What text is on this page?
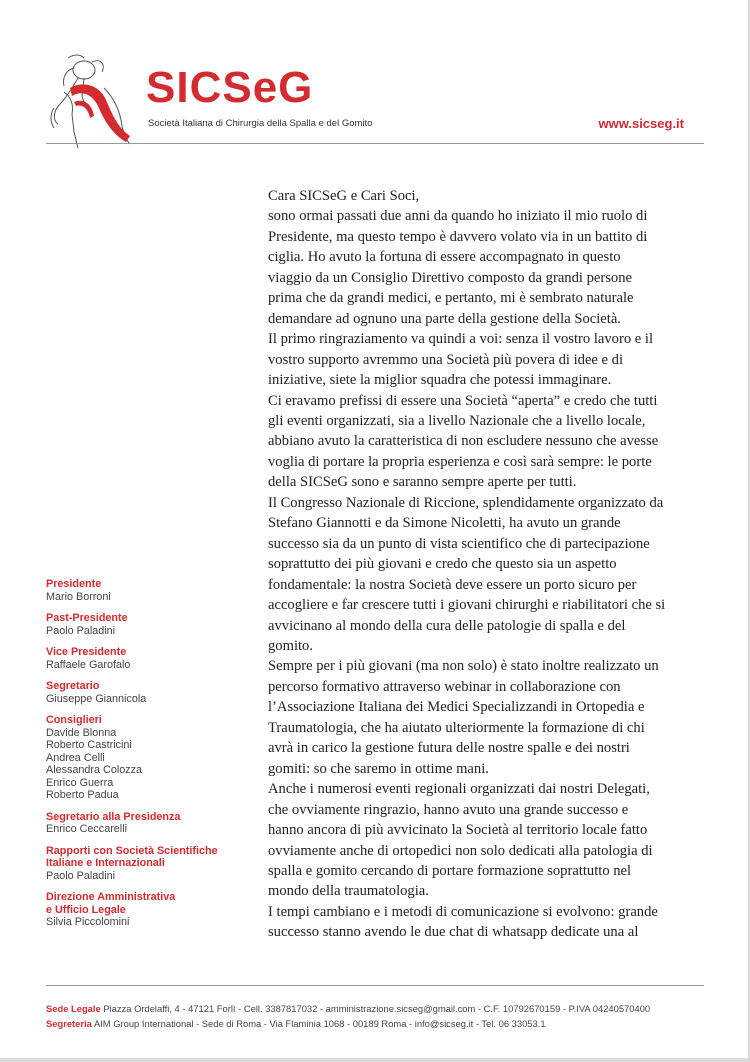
SICSeG
Società Italiana di Chirurgia della Spalla e del Gomito	www.sicseg.it

Cara SICSeG e Cari Soci,

sono ormai passati due anni da quando ho iniziato il mio ruolo di

Presidente, ma questo tempo è davvero volato via in un battito di

ciglia. Ho avuto la fortuna di essere accompagnato in questo

viaggio da un Consiglio Direttivo composto da grandi persone

prima che da grandi medici, e pertanto, mi è sembrato naturale

demandare ad ognuno una parte della gestione della Società.

Il primo ringraziamento va quindi a voi: senza il vostro lavoro e il

vostro supporto avremmo una Società più povera di idee e di

iniziative, siete la miglior squadra che potessi immaginare.

Ci eravamo prefissi di essere una Società “aperta” e credo che tutti

gli eventi organizzati, sia a livello Nazionale che a livello locale,

abbiano avuto la caratteristica di non escludere nessuno che avesse

voglia di portare la propria esperienza e così sarà sempre: le porte

della SICSeG sono e saranno sempre aperte per tutti.

Il Congresso Nazionale di Riccione, splendidamente organizzato da

Stefano Giannotti e da Simone Nicoletti, ha avuto un grande

successo sia da un punto di vista scientifico che di partecipazione

soprattutto dei più giovani e credo che questo sia un aspetto

fondamentale: la nostra Società deve essere un porto sicuro per

accogliere e far crescere tutti i giovani chirurghi e riabilitatori che si

avvicinano al mondo della cura delle patologie di spalla e del

gomito.

Sempre per i più giovani (ma non solo) è stato inoltre realizzato un

percorso formativo attraverso webinar in collaborazione con

l’Associazione Italiana dei Medici Specializzandi in Ortopedia e

Traumatologia, che ha aiutato ulteriormente la formazione di chi

avrà in carico la gestione futura delle nostre spalle e dei nostri

gomiti: so che saremo in ottime mani.

Anche i numerosi eventi regionali organizzati dai nostri Delegati,

che ovviamente ringrazio, hanno avuto una grande successo e

hanno ancora di più avvicinato la Società al territorio locale fatto

ovviamente anche di ortopedici non solo dedicati alla patologia di

spalla e gomito cercando di portare formazione soprattutto nel

mondo della traumatologia.

I tempi cambiano e i metodi di comunicazione si evolvono: grande

successo stanno avendo le due chat di whatsapp dedicate una al

Presidente
Mario Borroni
Past-Presidente
Paolo Paladini
Vice Presidente
Raffaele Garofalo
Segretario
Giuseppe Giannicola
Consiglieri
Davide Blonna
Roberto Castricini
Andrea Celli
Alessandra Colozza
Enrico Guerra
Roberto Padua
Segretario alla Presidenza
Enrico Ceccarelli
Rapporti con Società Scientifiche
Italiane e Internazionali
Paolo Paladini
Direzione Amministrativa
e Ufficio Legale
Silvia Piccolomini
Sede Legale Piazza Ordelaffi, 4 - 47121 Forlì - Cell. 3387817032 - amministrazione.sicseg@gmail.com - C.F. 10792670159 - P.IVA 04240570400
Segreteria AIM Group International - Sede di Roma - Via Flaminia 1068 - 00189 Roma - info@sicseg.it - Tel. 06 33053.1
